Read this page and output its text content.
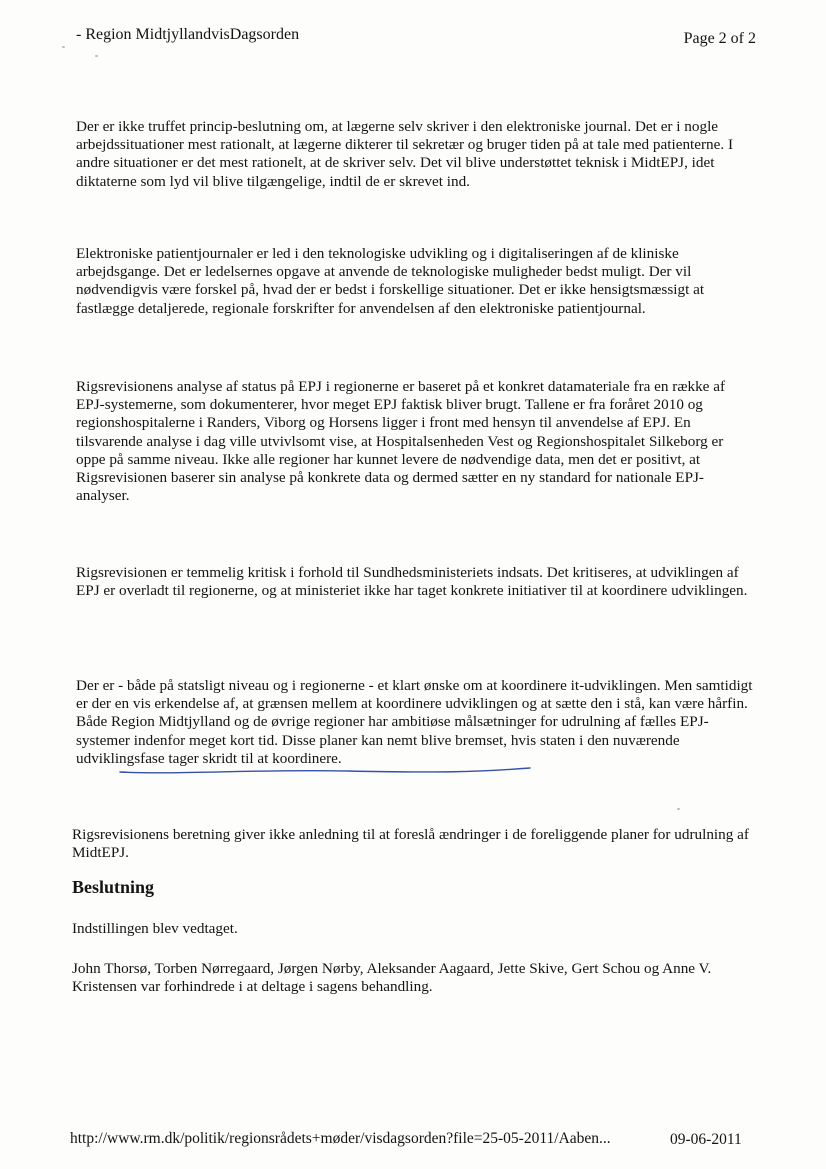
- Region MidtjyllandvisDagsorden	Page 2 of 2
Der er ikke truffet princip-beslutning om, at lægerne selv skriver i den elektroniske journal. Det er i nogle arbejdssituationer mest rationalt, at lægerne dikterer til sekretær og bruger tiden på at tale med patienterne. I andre situationer er det mest rationelt, at de skriver selv. Det vil blive understøttet teknisk i MidtEPJ, idet diktaterne som lyd vil blive tilgængelige, indtil de er skrevet ind.
Elektroniske patientjournaler er led i den teknologiske udvikling og i digitaliseringen af de kliniske arbejdsgange. Det er ledelsernes opgave at anvende de teknologiske muligheder bedst muligt. Der vil nødvendigvis være forskel på, hvad der er bedst i forskellige situationer. Det er ikke hensigtsmæssigt at fastlægge detaljerede, regionale forskrifter for anvendelsen af den elektroniske patientjournal.
Rigsrevisionens analyse af status på EPJ i regionerne er baseret på et konkret datamateriale fra en række af EPJ-systemerne, som dokumenterer, hvor meget EPJ faktisk bliver brugt. Tallene er fra foråret 2010 og regionshospitalerne i Randers, Viborg og Horsens ligger i front med hensyn til anvendelse af EPJ. En tilsvarende analyse i dag ville utvivlsomt vise, at Hospitalsenheden Vest og Regionshospitalet Silkeborg er oppe på samme niveau. Ikke alle regioner har kunnet levere de nødvendige data, men det er positivt, at Rigsrevisionen baserer sin analyse på konkrete data og dermed sætter en ny standard for nationale EPJ-analyser.
Rigsrevisionen er temmelig kritisk i forhold til Sundhedsministeriets indsats. Det kritiseres, at udviklingen af EPJ er overladt til regionerne, og at ministeriet ikke har taget konkrete initiativer til at koordinere udviklingen.
Der er - både på statsligt niveau og i regionerne - et klart ønske om at koordinere it-udviklingen. Men samtidigt er der en vis erkendelse af, at grænsen mellem at koordinere udviklingen og at sætte den i stå, kan være hårfin. Både Region Midtjylland og de øvrige regioner har ambitiøse målsætninger for udrulning af fælles EPJ-systemer indenfor meget kort tid. Disse planer kan nemt blive bremset, hvis staten i den nuværende udviklingsfase tager skridt til at koordinere.
Rigsrevisionens beretning giver ikke anledning til at foreslå ændringer i de foreliggende planer for udrulning af MidtEPJ.
Beslutning
Indstillingen blev vedtaget.
John Thorsø, Torben Nørregaard, Jørgen Nørby, Aleksander Aagaard, Jette Skive, Gert Schou og Anne V. Kristensen var forhindrede i at deltage i sagens behandling.
http://www.rm.dk/politik/regionsrådets+møder/visdagsorden?file=25-05-2011/Aaben...	09-06-2011
